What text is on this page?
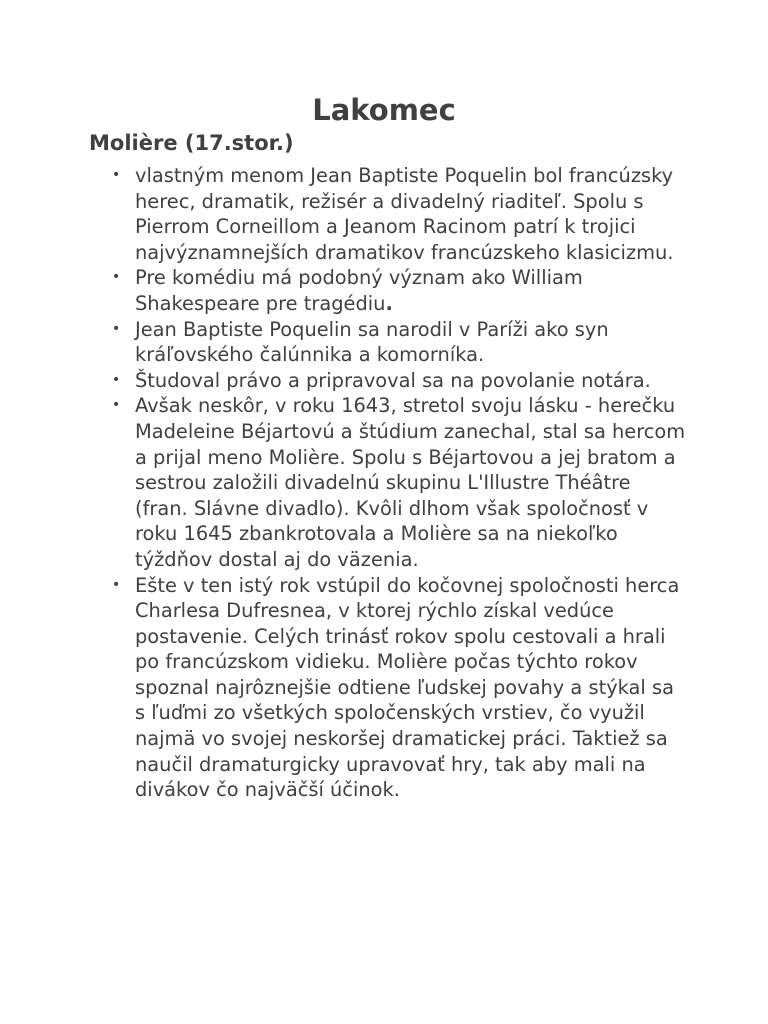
Lakomec
Molière (17.stor.)
• vlastným menom Jean Baptiste Poquelin bol francúzsky herec, dramatik, režisér a divadelný riaditeľ. Spolu s Pierrom Corneillom a Jeanom Racinom patrí k trojici najvýznamnejších dramatikov francúzskeho klasicizmu.
• Pre komédiu má podobný význam ako William Shakespeare pre tragédiu.
• Jean Baptiste Poquelin sa narodil v Paríži ako syn kráľovského čalúnnika a komorníka.
• Študoval právo a pripravoval sa na povolanie notára.
• Avšak neskôr, v roku 1643, stretol svoju lásku - herečku Madeleine Béjartovú a štúdium zanechal, stal sa hercom a prijal meno Molière. Spolu s Béjartovou a jej bratom a sestrou založili divadelnú skupinu L'Illustre Théâtre (fran. Slávne divadlo). Kvôli dlhom však spoločnosť v roku 1645 zbankrotovala a Molière sa na niekoľko týždňov dostal aj do väzenia.
• Ešte v ten istý rok vstúpil do kočovnej spoločnosti herca Charlesa Dufresnea, v ktorej rýchlo získal vedúce postavenie. Celých trinásť rokov spolu cestovali a hrali po francúzskom vidieku. Molière počas týchto rokov spoznal najrôznejšie odtiene ľudskej povahy a stýkal sa s ľuďmi zo všetkých spoločenských vrstiev, čo využil najmä vo svojej neskoršej dramatickej práci. Taktiež sa naučil dramaturgicky upravovať hry, tak aby mali na divákov čo najväčší účinok.
